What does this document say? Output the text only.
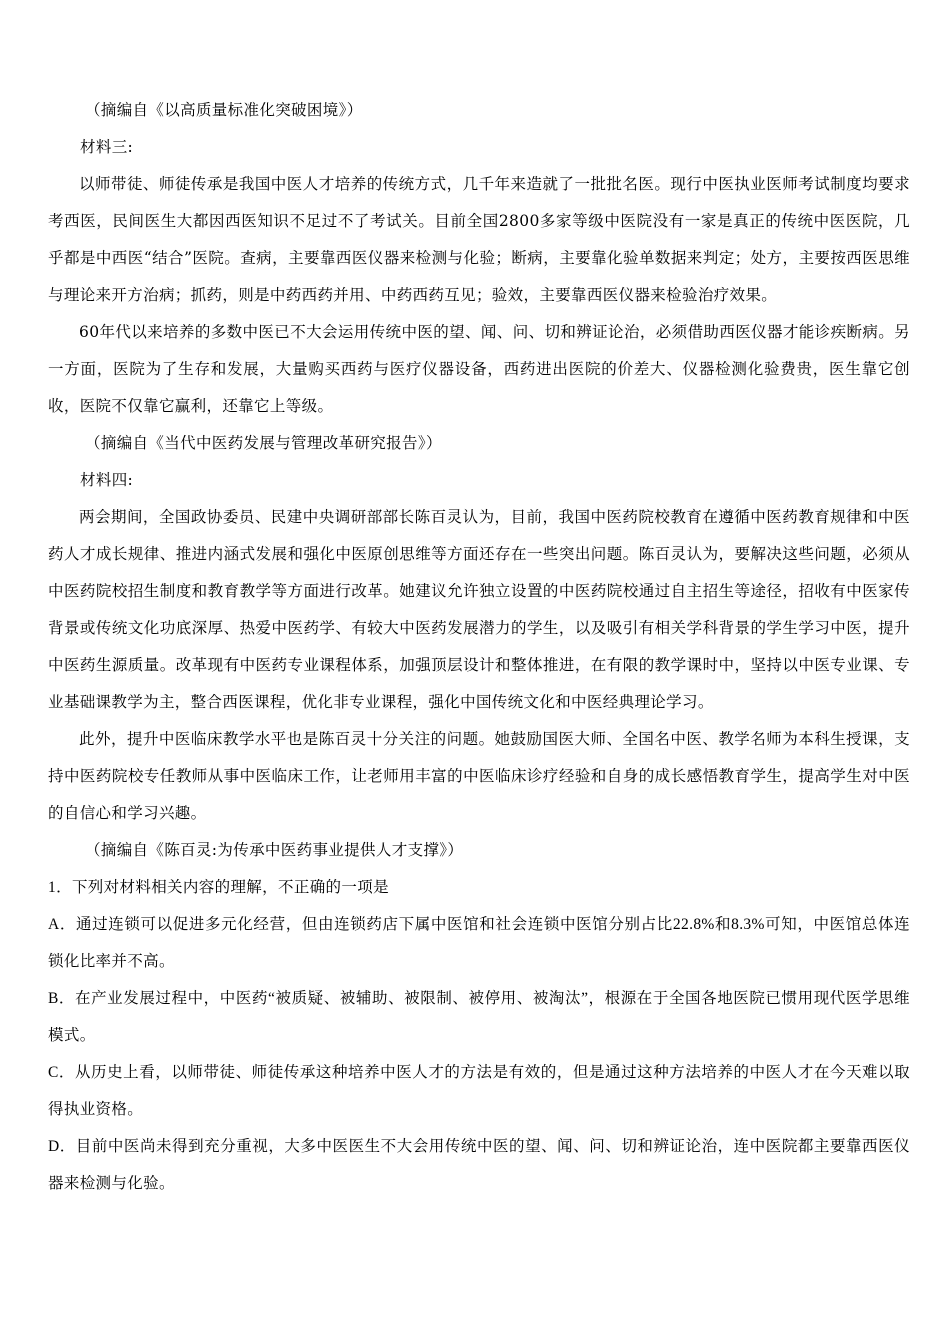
（摘编自《以高质量标准化突破困境》）

材料三:

以师带徒、师徒传承是我国中医人才培养的传统方式，几千年来造就了一批批名医。现行中医执业医师考试制度均要求考西医，民间医生大都因西医知识不足过不了考试关。目前全国2800多家等级中医院没有一家是真正的传统中医医院，几乎都是中西医“结合”医院。查病，主要靠西医仪器来检测与化验；断病，主要靠化验单数据来判定；处方，主要按西医思维与理论来开方治病；抓药，则是中药西药并用、中药西药互见；验效，主要靠西医仪器来检验治疗效果。

60年代以来培养的多数中医已不大会运用传统中医的望、闻、问、切和辨证论治，必须借助西医仪器才能诊疾断病。另一方面，医院为了生存和发展，大量购买西药与医疗仪器设备，西药进出医院的价差大、仪器检测化验费贵，医生靠它创收，医院不仅靠它赢利，还靠它上等级。

（摘编自《当代中医药发展与管理改革研究报告》）

材料四:

两会期间，全国政协委员、民建中央调研部部长陈百灵认为，目前，我国中医药院校教育在遵循中医药教育规律和中医药人才成长规律、推进内涵式发展和强化中医原创思维等方面还存在一些突出问题。陈百灵认为，要解决这些问题，必须从中医药院校招生制度和教育教学等方面进行改革。她建议允许独立设置的中医药院校通过自主招生等途径，招收有中医家传背景或传统文化功底深厚、热爱中医药学、有较大中医药发展潜力的学生，以及吸引有相关学科背景的学生学习中医，提升中医药生源质量。改革现有中医药专业课程体系，加强顶层设计和整体推进，在有限的教学课时中，坚持以中医专业课、专业基础课教学为主，整合西医课程，优化非专业课程，强化中国传统文化和中医经典理论学习。

此外，提升中医临床教学水平也是陈百灵十分关注的问题。她鼓励国医大师、全国名中医、教学名师为本科生授课，支持中医药院校专任教师从事中医临床工作，让老师用丰富的中医临床诊疗经验和自身的成长感悟教育学生，提高学生对中医的自信心和学习兴趣。

（摘编自《陈百灵:为传承中医药事业提供人才支撑》）

1．下列对材料相关内容的理解，不正确的一项是

A．通过连锁可以促进多元化经营，但由连锁药店下属中医馆和社会连锁中医馆分别占比22.8%和8.3%可知，中医馆总体连锁化比率并不高。

B．在产业发展过程中，中医药“被质疑、被辅助、被限制、被停用、被淘汰”，根源在于全国各地医院已惯用现代医学思维模式。

C．从历史上看，以师带徒、师徒传承这种培养中医人才的方法是有效的，但是通过这种方法培养的中医人才在今天难以取得执业资格。

D．目前中医尚未得到充分重视，大多中医医生不大会用传统中医的望、闻、问、切和辨证论治，连中医院都主要靠西医仪器来检测与化验。
